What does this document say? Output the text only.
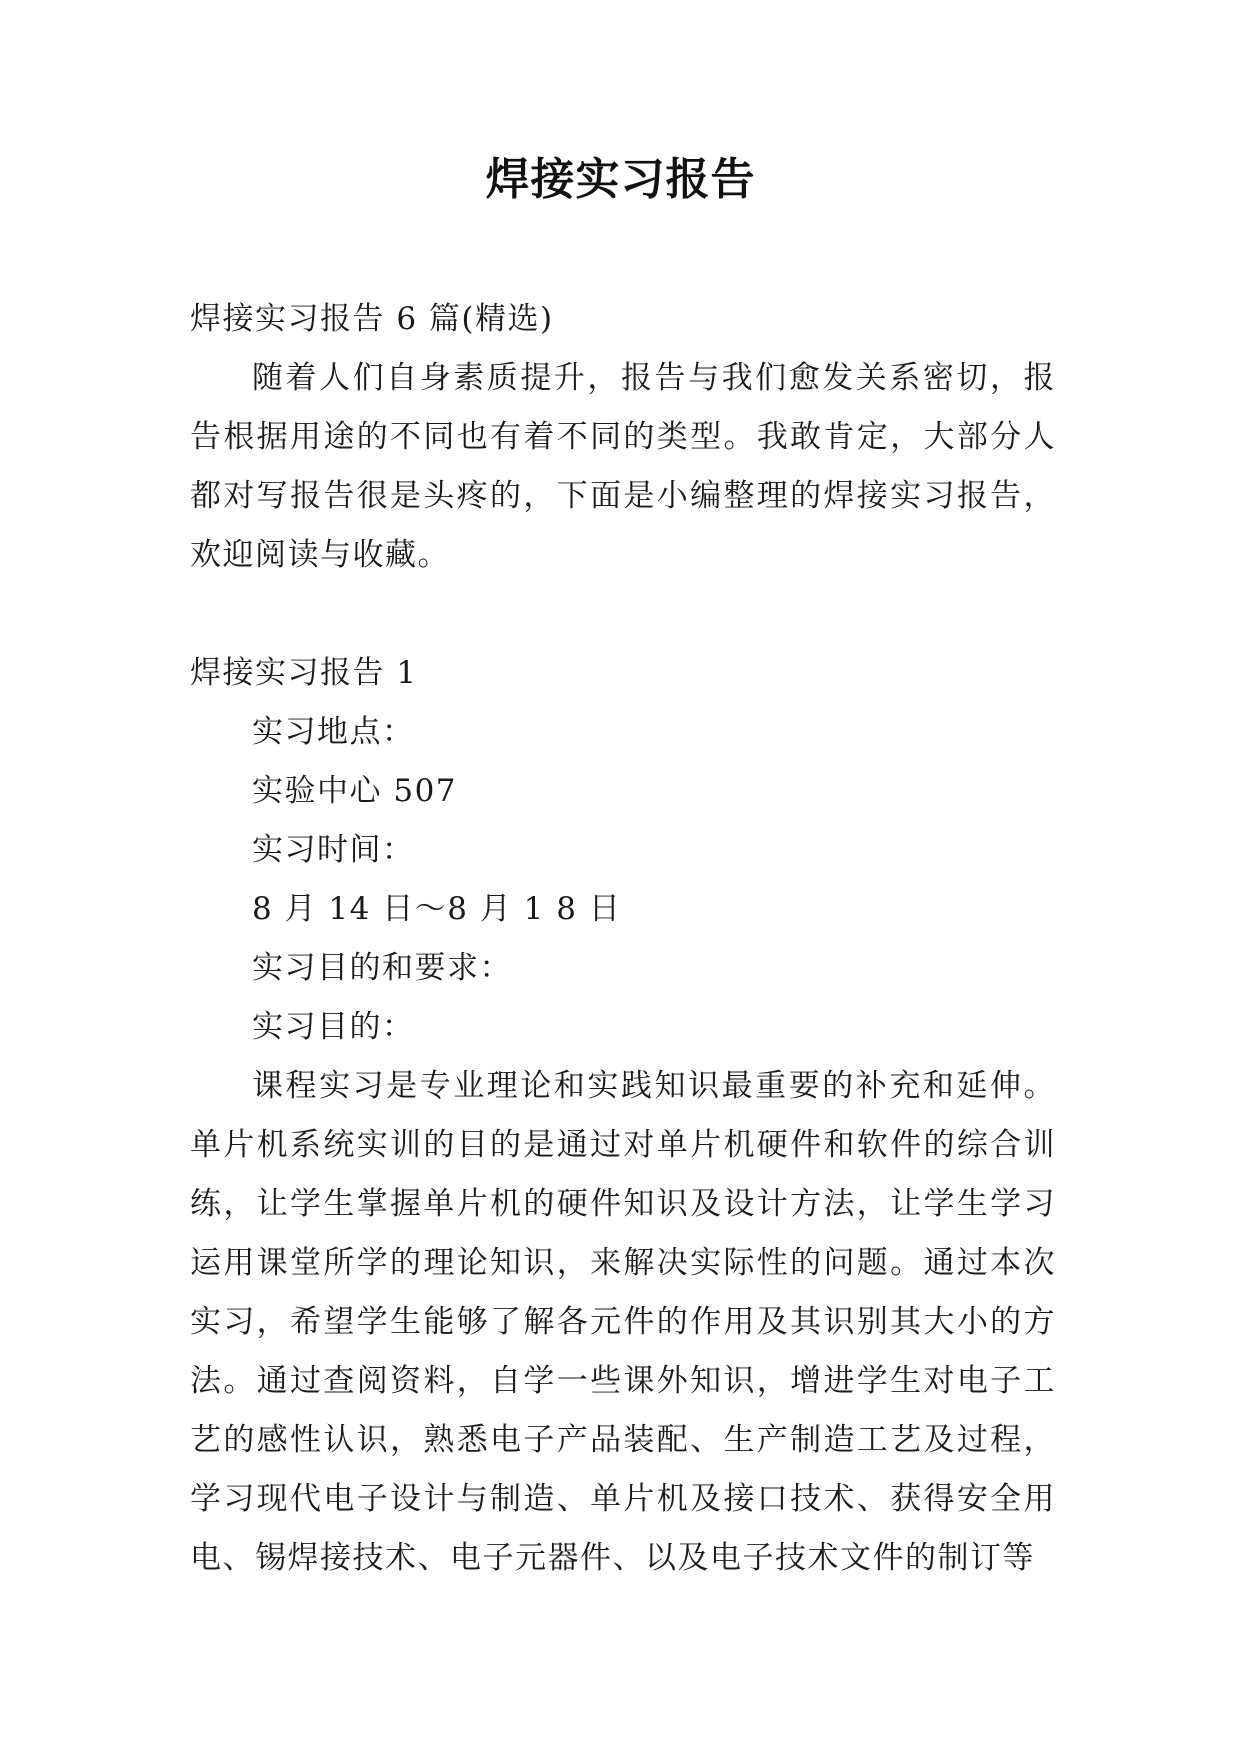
焊接实习报告

焊接实习报告 6 篇(精选)

随着人们自身素质提升，报告与我们愈发关系密切，报告根据用途的不同也有着不同的类型。我敢肯定，大部分人都对写报告很是头疼的，下面是小编整理的焊接实习报告，欢迎阅读与收藏。

焊接实习报告 1

实习地点：

实验中心 507

实习时间：

8 月 14 日～8 月 1 8 日

实习目的和要求：

实习目的：

课程实习是专业理论和实践知识最重要的补充和延伸。单片机系统实训的目的是通过对单片机硬件和软件的综合训练，让学生掌握单片机的硬件知识及设计方法，让学生学习运用课堂所学的理论知识，来解决实际性的问题。通过本次实习，希望学生能够了解各元件的作用及其识别其大小的方法。通过查阅资料，自学一些课外知识，增进学生对电子工艺的感性认识，熟悉电子产品装配、生产制造工艺及过程，学习现代电子设计与制造、单片机及接口技术、获得安全用电、锡焊接技术、电子元器件、以及电子技术文件的制订等
